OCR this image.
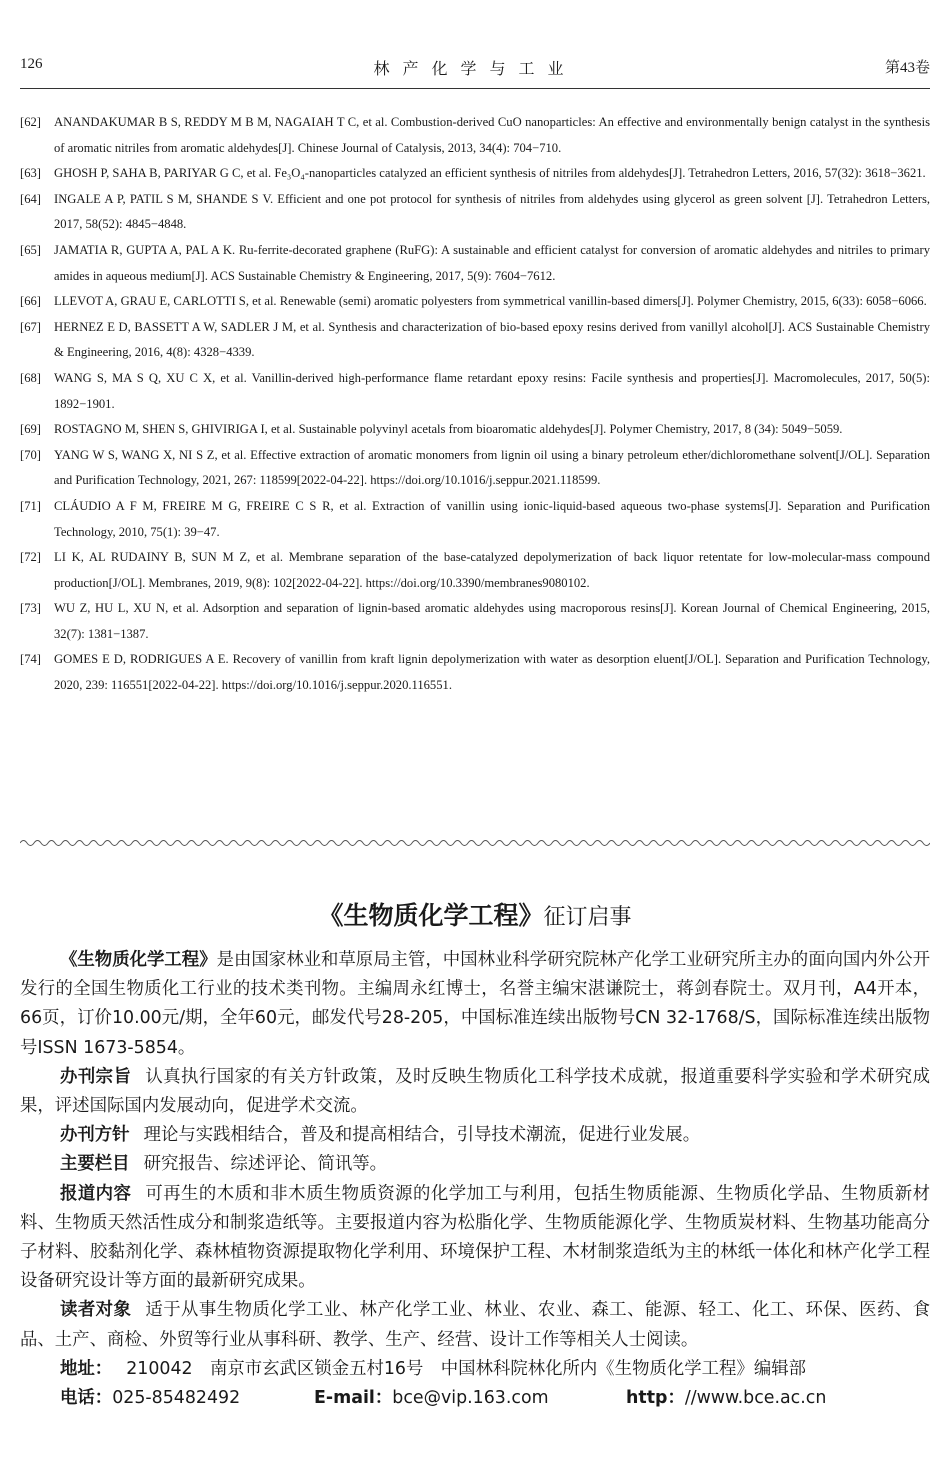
126	林产化学与工业	第43卷
[62] ANANDAKUMAR B S, REDDY M B M, NAGAIAH T C, et al. Combustion-derived CuO nanoparticles: An effective and environmentally benign catalyst in the synthesis of aromatic nitriles from aromatic aldehydes[J]. Chinese Journal of Catalysis, 2013, 34(4): 704−710.
[63] GHOSH P, SAHA B, PARIYAR G C, et al. Fe₃O₄-nanoparticles catalyzed an efficient synthesis of nitriles from aldehydes[J]. Tetrahedron Letters, 2016, 57(32): 3618−3621.
[64] INGALE A P, PATIL S M, SHANDE S V. Efficient and one pot protocol for synthesis of nitriles from aldehydes using glycerol as green solvent [J]. Tetrahedron Letters, 2017, 58(52): 4845−4848.
[65] JAMATIA R, GUPTA A, PAL A K. Ru-ferrite-decorated graphene (RuFG): A sustainable and efficient catalyst for conversion of aromatic aldehydes and nitriles to primary amides in aqueous medium[J]. ACS Sustainable Chemistry & Engineering, 2017, 5(9): 7604−7612.
[66] LLEVOT A, GRAU E, CARLOTTI S, et al. Renewable (semi) aromatic polyesters from symmetrical vanillin-based dimers[J]. Polymer Chemistry, 2015, 6(33): 6058−6066.
[67] HERNEZ E D, BASSETT A W, SADLER J M, et al. Synthesis and characterization of bio-based epoxy resins derived from vanillyl alcohol[J]. ACS Sustainable Chemistry & Engineering, 2016, 4(8): 4328−4339.
[68] WANG S, MA S Q, XU C X, et al. Vanillin-derived high-performance flame retardant epoxy resins: Facile synthesis and properties[J]. Macromolecules, 2017, 50(5): 1892−1901.
[69] ROSTAGNO M, SHEN S, GHIVIRIGA I, et al. Sustainable polyvinyl acetals from bioaromatic aldehydes[J]. Polymer Chemistry, 2017, 8 (34): 5049−5059.
[70] YANG W S, WANG X, NI S Z, et al. Effective extraction of aromatic monomers from lignin oil using a binary petroleum ether/dichloromethane solvent[J/OL]. Separation and Purification Technology, 2021, 267: 118599[2022-04-22]. https://doi.org/10.1016/j.seppur.2021.118599.
[71] CLÁUDIO A F M, FREIRE M G, FREIRE C S R, et al. Extraction of vanillin using ionic-liquid-based aqueous two-phase systems[J]. Separation and Purification Technology, 2010, 75(1): 39−47.
[72] LI K, AL RUDAINY B, SUN M Z, et al. Membrane separation of the base-catalyzed depolymerization of back liquor retentate for low-molecular-mass compound production[J/OL]. Membranes, 2019, 9(8): 102[2022-04-22]. https://doi.org/10.3390/membranes9080102.
[73] WU Z, HU L, XU N, et al. Adsorption and separation of lignin-based aromatic aldehydes using macroporous resins[J]. Korean Journal of Chemical Engineering, 2015, 32(7): 1381−1387.
[74] GOMES E D, RODRIGUES A E. Recovery of vanillin from kraft lignin depolymerization with water as desorption eluent[J/OL]. Separation and Purification Technology, 2020, 239: 116551[2022-04-22]. https://doi.org/10.1016/j.seppur.2020.116551.
《生物质化学工程》征订启事

《生物质化学工程》是由国家林业和草原局主管，中国林业科学研究院林产化学工业研究所主办的面向国内外公开发行的全国生物质化工行业的技术类刊物。主编周永红博士，名誉主编宋湛谦院士，蒋剑春院士。双月刊，A4开本，66页，订价10.00元/期，全年60元，邮发代号28-205，中国标准连续出版物号CN 32-1768/S，国际标准连续出版物号ISSN 1673-5854。

办刊宗旨 认真执行国家的有关方针政策，及时反映生物质化工科学技术成就，报道重要科学实验和学术研究成果，评述国际国内发展动向，促进学术交流。

办刊方针 理论与实践相结合，普及和提高相结合，引导技术潮流，促进行业发展。

主要栏目 研究报告、综述评论、简讯等。

报道内容 可再生的木质和非木质生物质资源的化学加工与利用，包括生物质能源、生物质化学品、生物质新材料、生物质天然活性成分和制浆造纸等。主要报道内容为松脂化学、生物质能源化学、生物质炭材料、生物基功能高分子材料、胶黏剂化学、森林植物资源提取物化学利用、环境保护工程、木材制浆造纸为主的林纸一体化和林产化学工程设备研究设计等方面的最新研究成果。

读者对象 适于从事生物质化学工业、林产化学工业、林业、农业、森工、能源、轻工、化工、环保、医药、食品、土产、商检、外贸等行业从事科研、教学、生产、经营、设计工作等相关人士阅读。

地址： 210042　南京市玄武区锁金五村16号　中国林科院林化所内《生物质化学工程》编辑部
电话：025-85482492	E-mail：bce@vip.163.com	http：//www.bce.ac.cn
